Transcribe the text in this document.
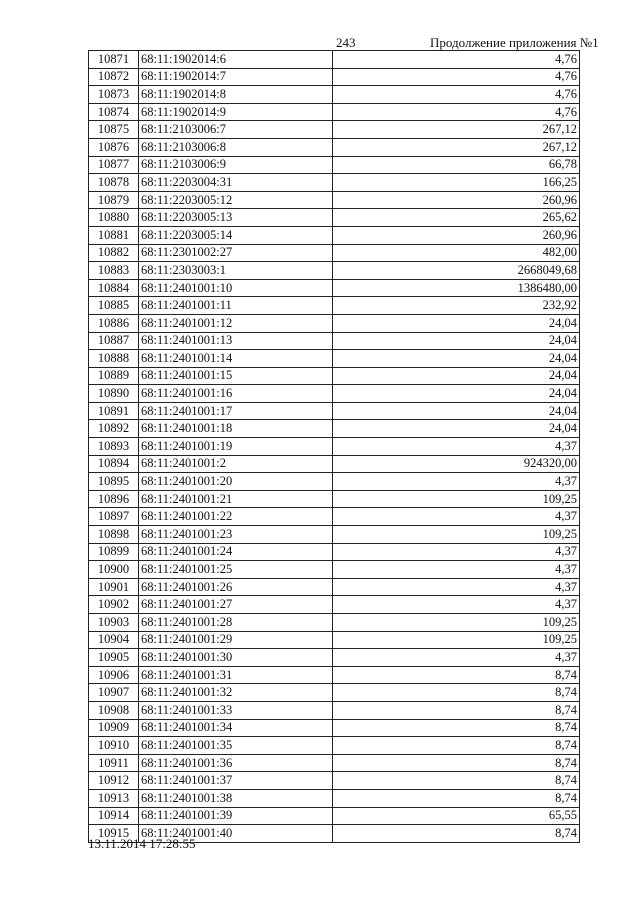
243	Продолжение приложения №1
10871	68:11:1902014:6	4,76
10872	68:11:1902014:7	4,76
10873	68:11:1902014:8	4,76
10874	68:11:1902014:9	4,76
10875	68:11:2103006:7	267,12
10876	68:11:2103006:8	267,12
10877	68:11:2103006:9	66,78
10878	68:11:2203004:31	166,25
10879	68:11:2203005:12	260,96
10880	68:11:2203005:13	265,62
10881	68:11:2203005:14	260,96
10882	68:11:2301002:27	482,00
10883	68:11:2303003:1	2668049,68
10884	68:11:2401001:10	1386480,00
10885	68:11:2401001:11	232,92
10886	68:11:2401001:12	24,04
10887	68:11:2401001:13	24,04
10888	68:11:2401001:14	24,04
10889	68:11:2401001:15	24,04
10890	68:11:2401001:16	24,04
10891	68:11:2401001:17	24,04
10892	68:11:2401001:18	24,04
10893	68:11:2401001:19	4,37
10894	68:11:2401001:2	924320,00
10895	68:11:2401001:20	4,37
10896	68:11:2401001:21	109,25
10897	68:11:2401001:22	4,37
10898	68:11:2401001:23	109,25
10899	68:11:2401001:24	4,37
10900	68:11:2401001:25	4,37
10901	68:11:2401001:26	4,37
10902	68:11:2401001:27	4,37
10903	68:11:2401001:28	109,25
10904	68:11:2401001:29	109,25
10905	68:11:2401001:30	4,37
10906	68:11:2401001:31	8,74
10907	68:11:2401001:32	8,74
10908	68:11:2401001:33	8,74
10909	68:11:2401001:34	8,74
10910	68:11:2401001:35	8,74
10911	68:11:2401001:36	8,74
10912	68:11:2401001:37	8,74
10913	68:11:2401001:38	8,74
10914	68:11:2401001:39	65,55
10915	68:11:2401001:40	8,74
13.11.2014 17:28:55
